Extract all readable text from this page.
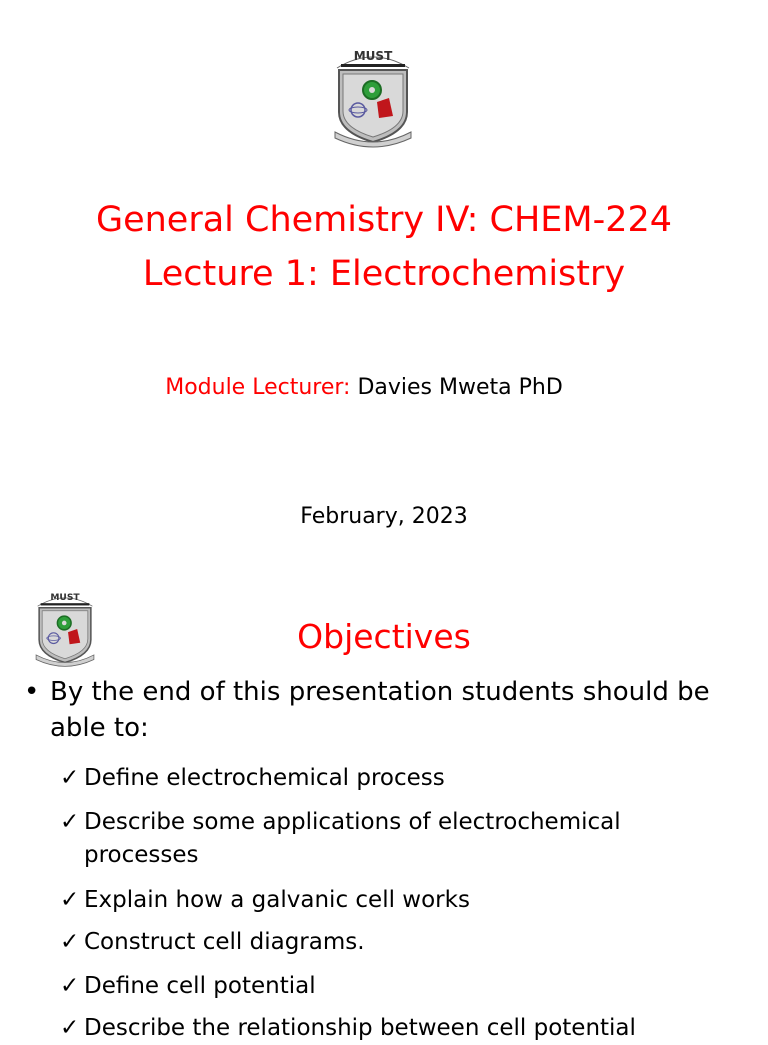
MUST
General Chemistry IV: CHEM-224
Lecture 1: Electrochemistry
Module Lecturer: Davies Mweta PhD
February, 2023
MUST
Objectives
• By the end of this presentation students should be able to:
✓ Define electrochemical process
✓ Describe some applications of electrochemical processes
✓ Explain how a galvanic cell works
✓ Construct cell diagrams.
✓ Define cell potential
✓ Describe the relationship between cell potential
